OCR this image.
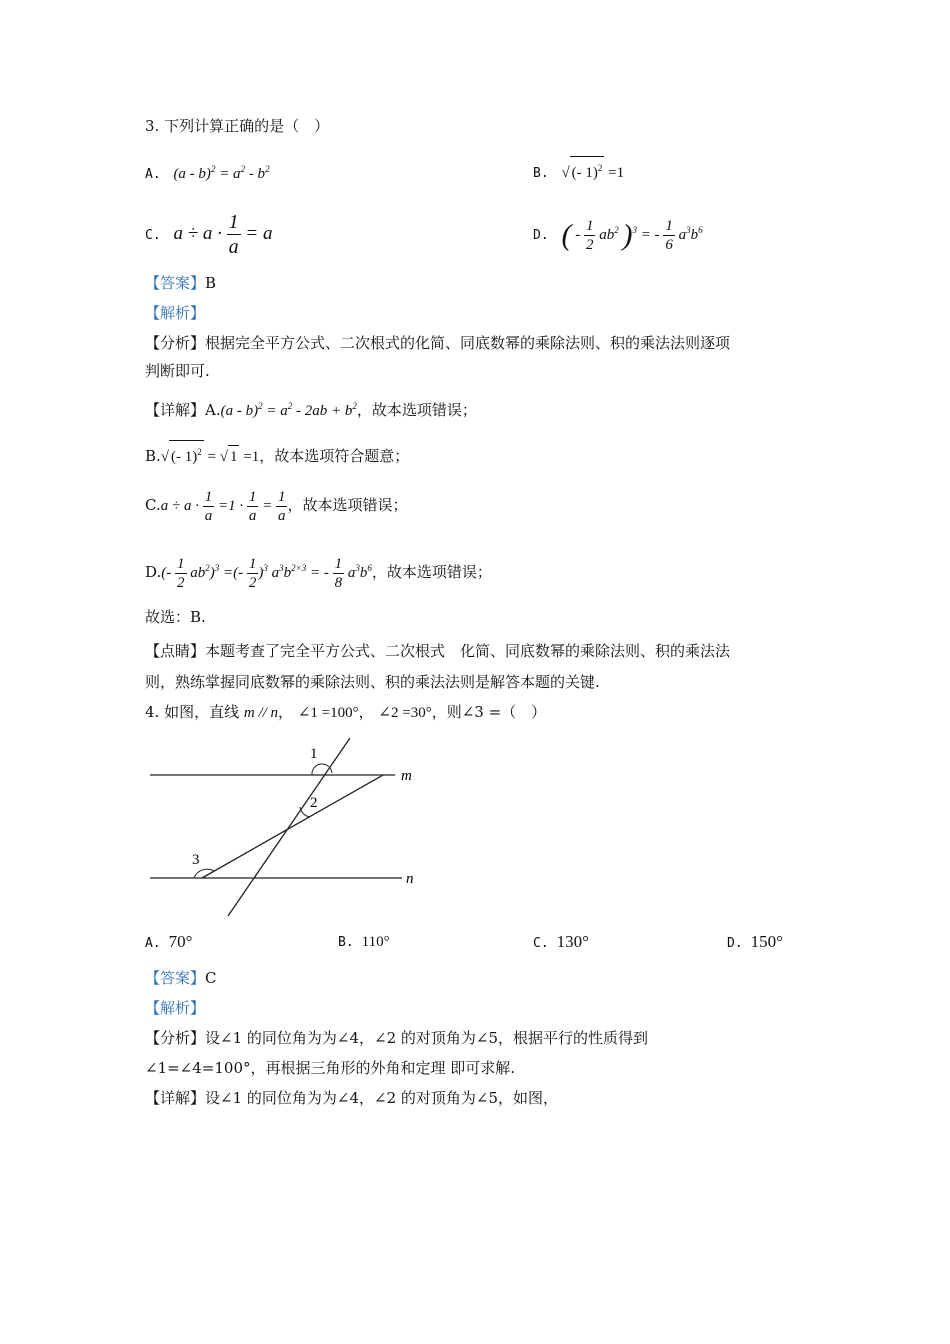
3. 下列计算正确的是（　）
A. $(a - b)^2 = a^2 - b^2$	B. √ (- 1)$^2$ =1
C. $a \div a \cdot \frac{1}{a} = a$	D. ( - $\frac{1}{2} ab^2$ )$^3$ = - $\frac{1}{6} a^3b^6$
【答案】B
【解析】
【分析】根据完全平方公式、二次根式的化简、同底数幂的乘除法则、积的乘法法则逐项
判断即可.
【详解】$A.(a - b)^2 = a^2 - 2ab + b^2$，故本选项错误；
B.√ (- 1)$^2$ = √ 1 =1，故本选项符合题意；
$C.a \div a \cdot \frac{1}{a} =1 \cdot \frac{1}{a} = \frac{1}{a}$ ，故本选项错误；
$D.(- \frac{1}{2} ab^2)^3$ =(- $\frac{1}{2} )^3$ $a^3b^{2\times 3}$ = - $\frac{1}{8} a^3b^6$，故本选项错误；
故选：B.
【点睛】本题考查了完全平方公式、二次根式　化简、同底数幂的乘除法则、积的乘法法
则，熟练掌握同底数幂的乘除法则、积的乘法法则是解答本题的关键.
4. 如图，直线 m // n， ∠1 =100°， ∠2 =30°，则∠3 =（　）
1
2
3
m
n
A. 70°	B. 110°	C. 130°	D. 150°
【答案】C
【解析】
【分析】设∠1 的同位角为为∠4，∠2 的对顶角为∠5，根据平行的性质得到
∠1=∠4=100°，再根据三角形的外角和定理 即可求解.
【详解】设∠1 的同位角为为∠4，∠2 的对顶角为∠5，如图，
